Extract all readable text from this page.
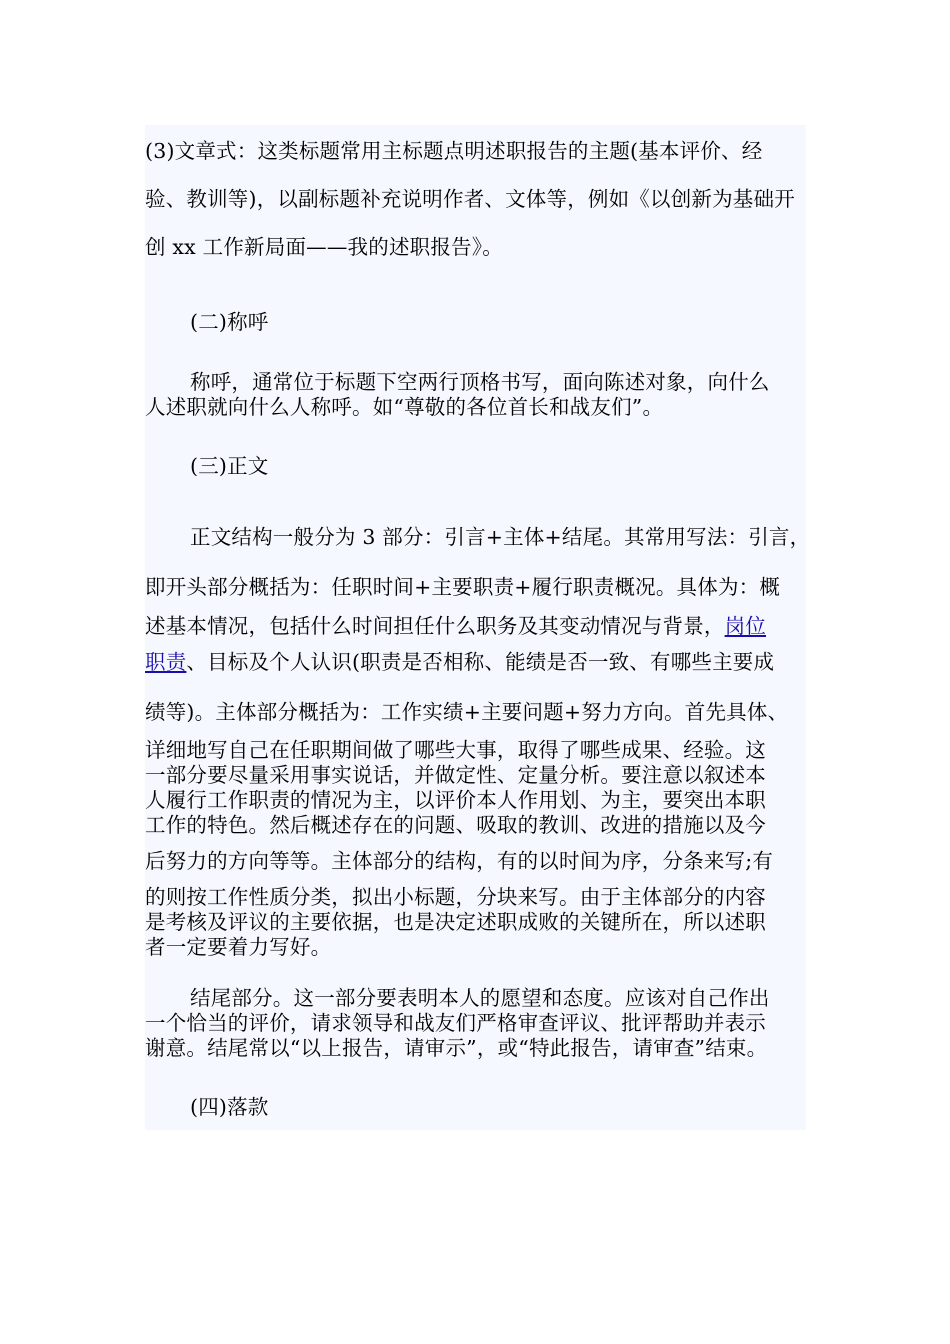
(3)文章式：这类标题常用主标题点明述职报告的主题(基本评价、经
验、教训等)，以副标题补充说明作者、文体等，例如《以创新为基础开
创 xx 工作新局面——我的述职报告》。
(二)称呼
称呼，通常位于标题下空两行顶格书写，面向陈述对象，向什么
人述职就向什么人称呼。如“尊敬的各位首长和战友们”。
(三)正文
正文结构一般分为 3 部分：引言+主体+结尾。其常用写法：引言，
即开头部分概括为：任职时间+主要职责+履行职责概况。具体为：概
述基本情况，包括什么时间担任什么职务及其变动情况与背景，岗位
职责、目标及个人认识(职责是否相称、能绩是否一致、有哪些主要成
绩等)。主体部分概括为：工作实绩+主要问题+努力方向。首先具体、
详细地写自己在任职期间做了哪些大事，取得了哪些成果、经验。这
一部分要尽量采用事实说话，并做定性、定量分析。要注意以叙述本
人履行工作职责的情况为主，以评价本人作用划、为主，要突出本职
工作的特色。然后概述存在的问题、吸取的教训、改进的措施以及今
后努力的方向等等。主体部分的结构，有的以时间为序，分条来写;有
的则按工作性质分类，拟出小标题，分块来写。由于主体部分的内容
是考核及评议的主要依据，也是决定述职成败的关键所在，所以述职
者一定要着力写好。
结尾部分。这一部分要表明本人的愿望和态度。应该对自己作出
一个恰当的评价，请求领导和战友们严格审查评议、批评帮助并表示
谢意。结尾常以“以上报告，请审示”，或“特此报告，请审查”结束。
(四)落款
